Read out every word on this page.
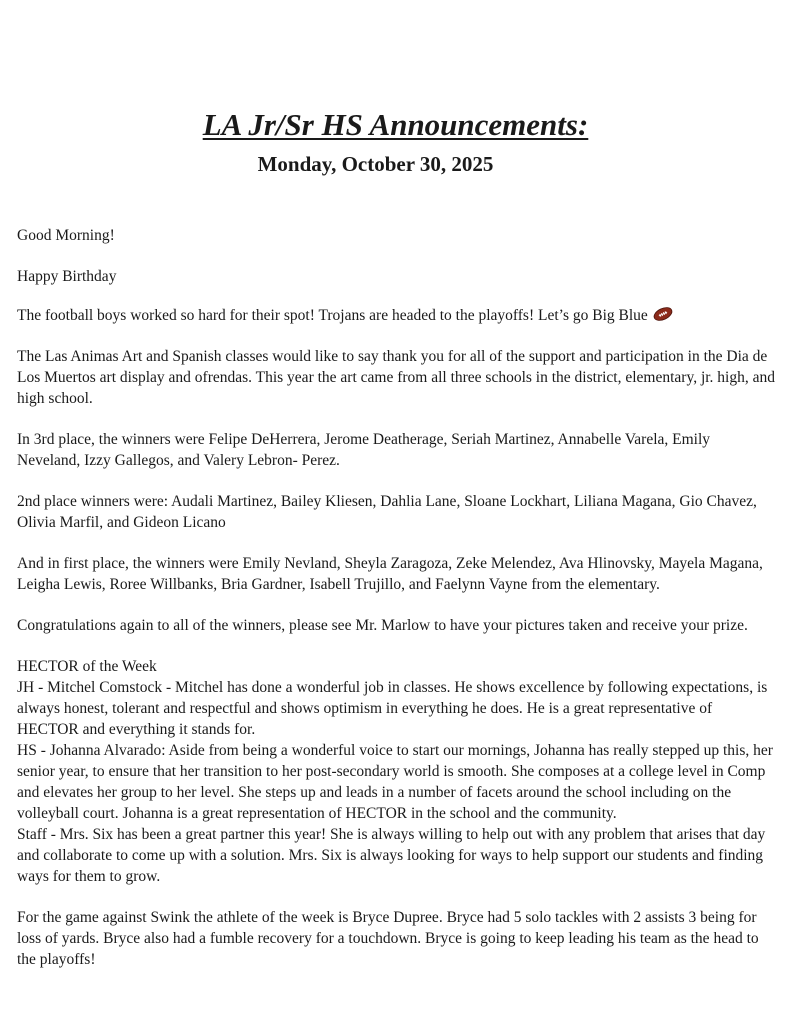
LA Jr/Sr HS Announcements:
Monday, October 30, 2025

Good Morning!

Happy Birthday

The football boys worked so hard for their spot! Trojans are headed to the playoffs! Let’s go Big Blue

The Las Animas Art and Spanish classes would like to say thank you for all of the support and participation in the Dia de Los Muertos art display and ofrendas. This year the art came from all three schools in the district, elementary, jr. high, and high school.

In 3rd place, the winners were Felipe DeHerrera, Jerome Deatherage, Seriah Martinez, Annabelle Varela, Emily Neveland, Izzy Gallegos, and Valery Lebron- Perez.

2nd place winners were: Audali Martinez, Bailey Kliesen, Dahlia Lane, Sloane Lockhart, Liliana Magana, Gio Chavez, Olivia Marfil, and Gideon Licano

And in first place, the winners were Emily Nevland, Sheyla Zaragoza, Zeke Melendez, Ava Hlinovsky, Mayela Magana, Leigha Lewis, Roree Willbanks, Bria Gardner, Isabell Trujillo, and Faelynn Vayne from the elementary.

Congratulations again to all of the winners, please see Mr. Marlow to have your pictures taken and receive your prize.

HECTOR of the Week

JH - Mitchel Comstock - Mitchel has done a wonderful job in classes. He shows excellence by following expectations, is always honest, tolerant and respectful and shows optimism in everything he does. He is a great representative of HECTOR and everything it stands for.

HS - Johanna Alvarado: Aside from being a wonderful voice to start our mornings, Johanna has really stepped up this, her senior year, to ensure that her transition to her post-secondary world is smooth. She composes at a college level in Comp and elevates her group to her level. She steps up and leads in a number of facets around the school including on the volleyball court. Johanna is a great representation of HECTOR in the school and the community.

Staff - Mrs. Six has been a great partner this year! She is always willing to help out with any problem that arises that day and collaborate to come up with a solution. Mrs. Six is always looking for ways to help support our students and finding ways for them to grow.

For the game against Swink the athlete of the week is Bryce Dupree. Bryce had 5 solo tackles with 2 assists 3 being for loss of yards. Bryce also had a fumble recovery for a touchdown. Bryce is going to keep leading his team as the head to the playoffs!
